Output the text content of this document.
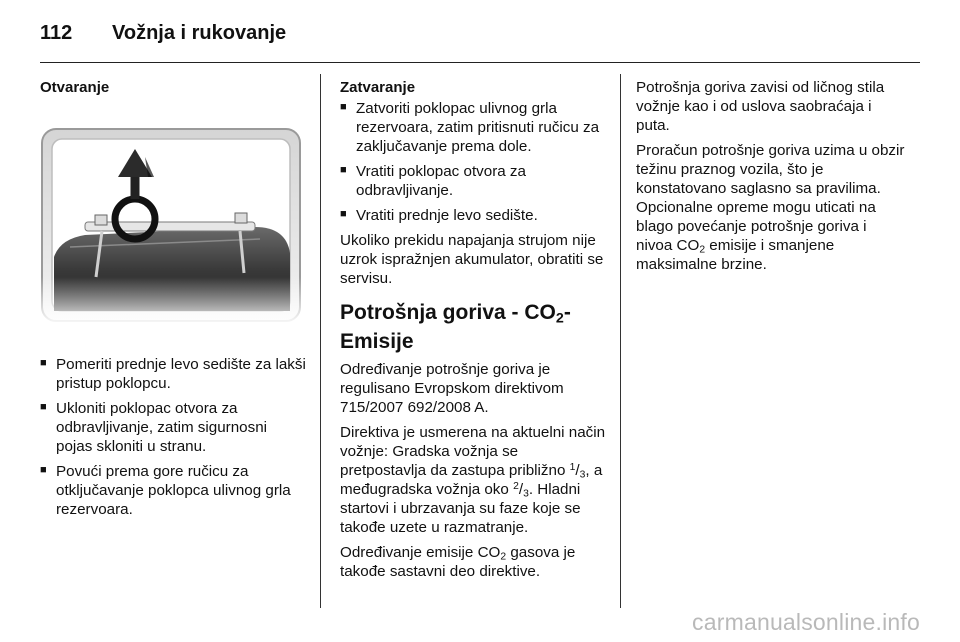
112 Vožnja i rukovanje
Otvaranje
■ Pomeriti prednje levo sedište za lakši pristup poklopcu.
■ Ukloniti poklopac otvora za odbravljivanje, zatim sigurnosni pojas skloniti u stranu.
■ Povući prema gore ručicu za otključavanje poklopca ulivnog grla rezervoara.
Zatvaranje
■ Zatvoriti poklopac ulivnog grla rezervoara, zatim pritisnuti ručicu za zaključavanje prema dole.
■ Vratiti poklopac otvora za odbravljivanje.
■ Vratiti prednje levo sedište.

Ukoliko prekidu napajanja strujom nije uzrok ispražnjen akumulator, obratiti se servisu.

Potrošnja goriva - $CO_2$-Emisije

Određivanje potrošnje goriva je regulisano Evropskom direktivom 715/2007 692/2008 A.

Direktiva je usmerena na aktuelni način vožnje: Gradska vožnja se pretpostavlja da zastupa približno $^1/_3$, a međugradska vožnja oko $^2/_3$. Hladni startovi i ubrzavanja su faze koje se takođe uzete u razmatranje.

Određivanje emisije $CO_2$ gasova je takođe sastavni deo direktive.

Potrošnja goriva zavisi od ličnog stila vožnje kao i od uslova saobraćaja i puta.

Proračun potrošnje goriva uzima u obzir težinu praznog vozila, što je konstatovano saglasno sa pravilima. Opcionalne opreme mogu uticati na blago povećanje potrošnje goriva i nivoa $CO_2$ emisije i smanjene maksimalne brzine.

carmanualsonline.info
